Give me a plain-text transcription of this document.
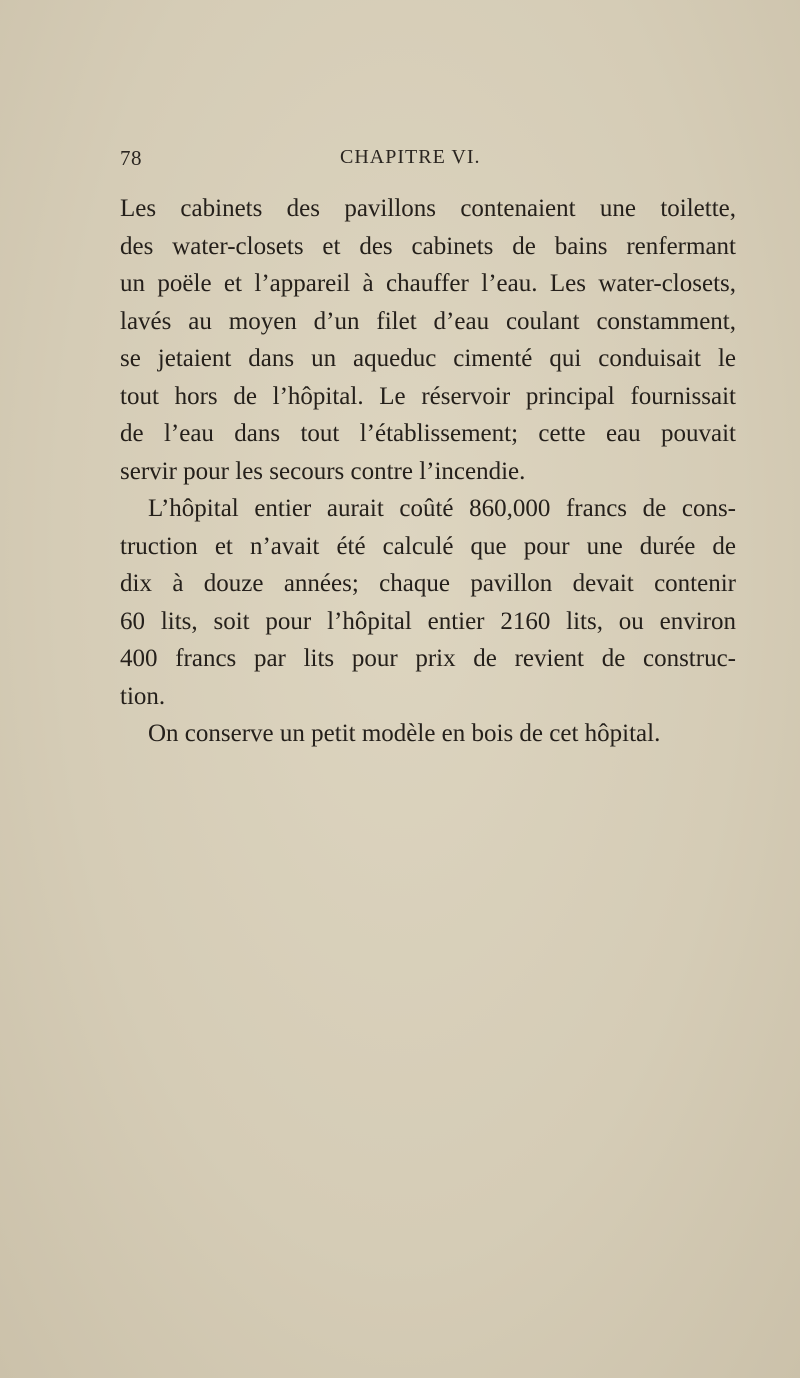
78	CHAPITRE VI.
Les cabinets des pavillons contenaient une toilette,
des water-closets et des cabinets de bains renfermant
un poële et l’appareil à chauffer l’eau. Les water-closets,
lavés au moyen d’un filet d’eau coulant constamment,
se jetaient dans un aqueduc cimenté qui conduisait le
tout hors de l’hôpital. Le réservoir principal fournissait
de l’eau dans tout l’établissement; cette eau pouvait
servir pour les secours contre l’incendie.
L’hôpital entier aurait coûté 860,000 francs de cons-
truction et n’avait été calculé que pour une durée de
dix à douze années; chaque pavillon devait contenir
60 lits, soit pour l’hôpital entier 2160 lits, ou environ
400 francs par lits pour prix de revient de construc-
tion.
On conserve un petit modèle en bois de cet hôpital.
